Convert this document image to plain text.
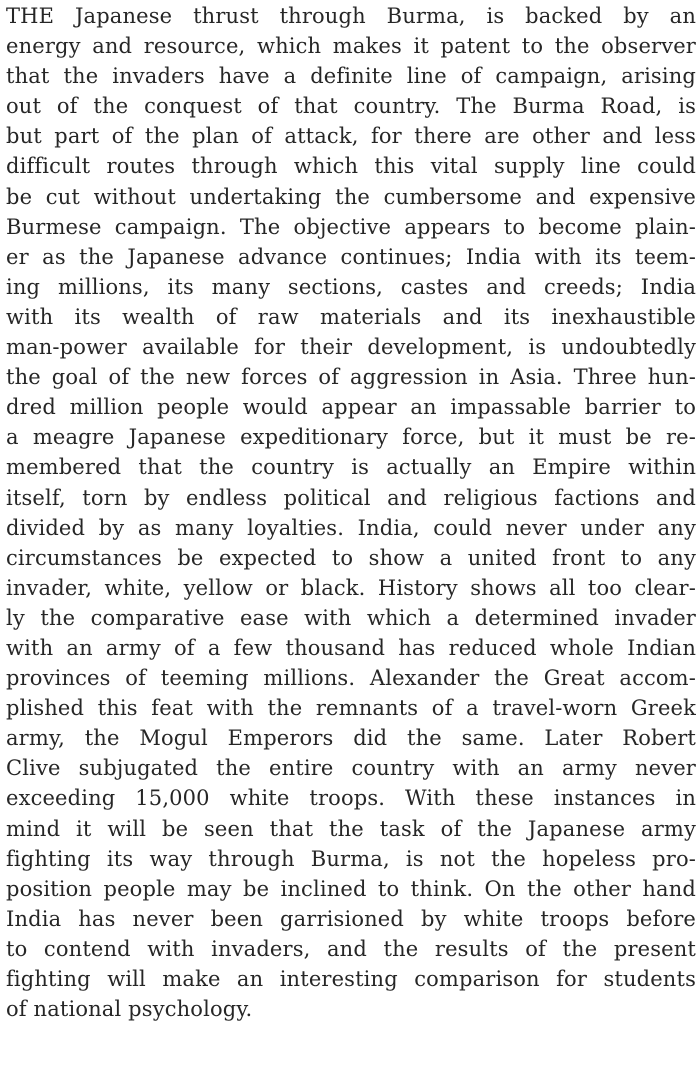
THE Japanese thrust through Burma, is backed by an
energy and resource, which makes it patent to the observer
that the invaders have a definite line of campaign, arising
out of the conquest of that country. The Burma Road, is
but part of the plan of attack, for there are other and less
difficult routes through which this vital supply line could
be cut without undertaking the cumbersome and expensive
Burmese campaign. The objective appears to become plain-
er as the Japanese advance continues; India with its teem-
ing millions, its many sections, castes and creeds; India
with its wealth of raw materials and its inexhaustible
man-power available for their development, is undoubtedly
the goal of the new forces of aggression in Asia. Three hun-
dred million people would appear an impassable barrier to
a meagre Japanese expeditionary force, but it must be re-
membered that the country is actually an Empire within
itself, torn by endless political and religious factions and
divided by as many loyalties. India, could never under any
circumstances be expected to show a united front to any
invader, white, yellow or black. History shows all too clear-
ly the comparative ease with which a determined invader
with an army of a few thousand has reduced whole Indian
provinces of teeming millions. Alexander the Great accom-
plished this feat with the remnants of a travel-worn Greek
army, the Mogul Emperors did the same. Later Robert
Clive subjugated the entire country with an army never
exceeding 15,000 white troops. With these instances in
mind it will be seen that the task of the Japanese army
fighting its way through Burma, is not the hopeless pro-
position people may be inclined to think. On the other hand
India has never been garrisioned by white troops before
to contend with invaders, and the results of the present
fighting will make an interesting comparison for students
of national psychology.
